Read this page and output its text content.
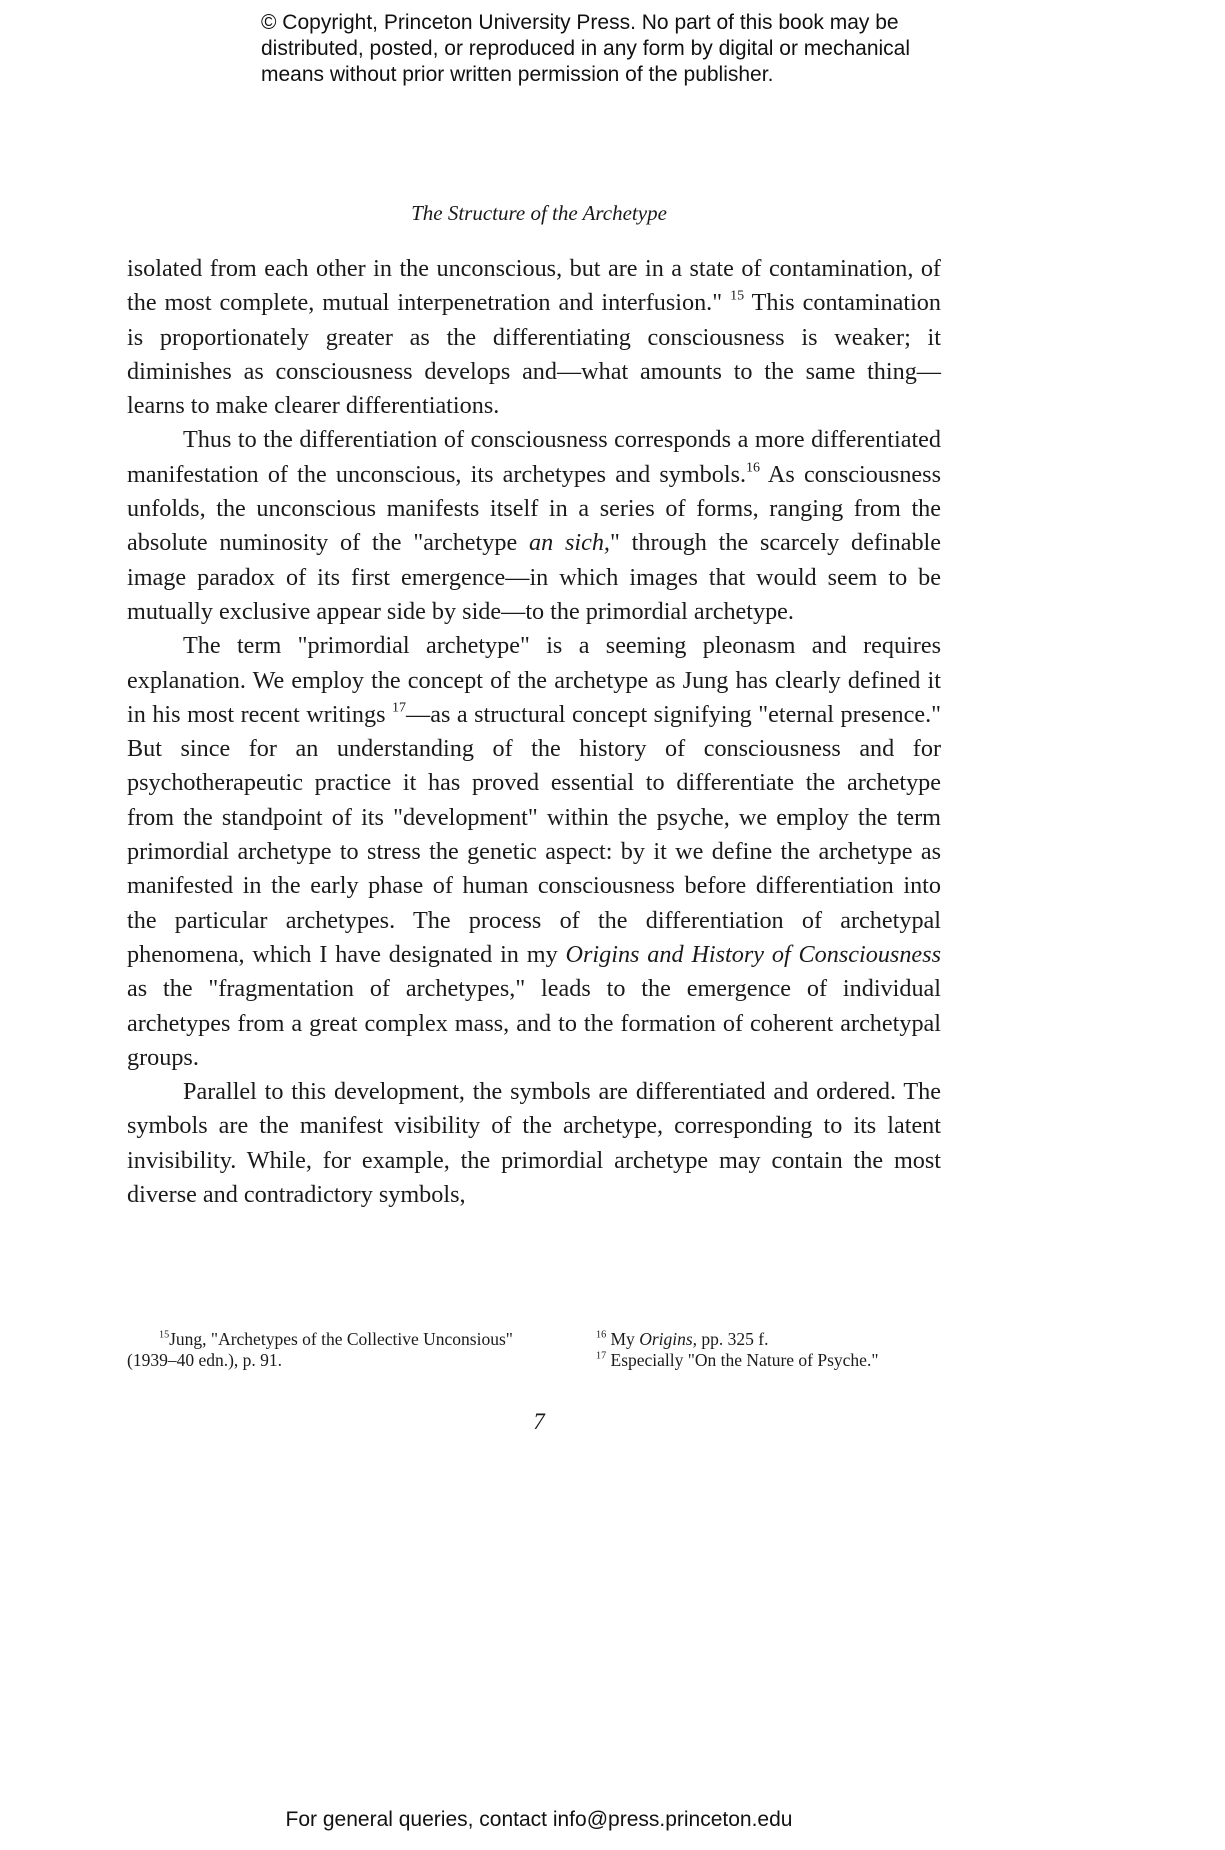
© Copyright, Princeton University Press. No part of this book may be
distributed, posted, or reproduced in any form by digital or mechanical
means without prior written permission of the publisher.
The Structure of the Archetype

isolated from each other in the unconscious, but are in a state of contamination, of the most complete, mutual interpenetration and interfusion." $^{15}$ This contamination is proportionately greater as the differentiating consciousness is weaker; it diminishes as consciousness develops and—what amounts to the same thing—learns to make clearer differentiations.

Thus to the differentiation of consciousness corresponds a more differentiated manifestation of the unconscious, its archetypes and symbols.$^{16}$ As consciousness unfolds, the unconscious manifests itself in a series of forms, ranging from the absolute numinosity of the "archetype an sich," through the scarcely definable image paradox of its first emergence—in which images that would seem to be mutually exclusive appear side by side—to the primordial archetype.

The term "primordial archetype" is a seeming pleonasm and requires explanation. We employ the concept of the archetype as Jung has clearly defined it in his most recent writings $^{17}$—as a structural concept signifying "eternal presence." But since for an understanding of the history of consciousness and for psychotherapeutic practice it has proved essential to differentiate the archetype from the standpoint of its "development" within the psyche, we employ the term primordial archetype to stress the genetic aspect: by it we define the archetype as manifested in the early phase of human consciousness before differentiation into the particular archetypes. The process of the differentiation of archetypal phenomena, which I have designated in my Origins and History of Consciousness as the "fragmentation of archetypes," leads to the emergence of individual archetypes from a great complex mass, and to the formation of coherent archetypal groups.

Parallel to this development, the symbols are differentiated and ordered. The symbols are the manifest visibility of the archetype, corresponding to its latent invisibility. While, for example, the primordial archetype may contain the most diverse and contradictory symbols,

$^{15}$Jung, "Archetypes of the Collective Unconsious"
(1939–40 edn.), p. 91.
$^{16}$ My Origins, pp. 325 f.
$^{17}$ Especially "On the Nature of Psyche."
7
For general queries, contact info@press.princeton.edu
